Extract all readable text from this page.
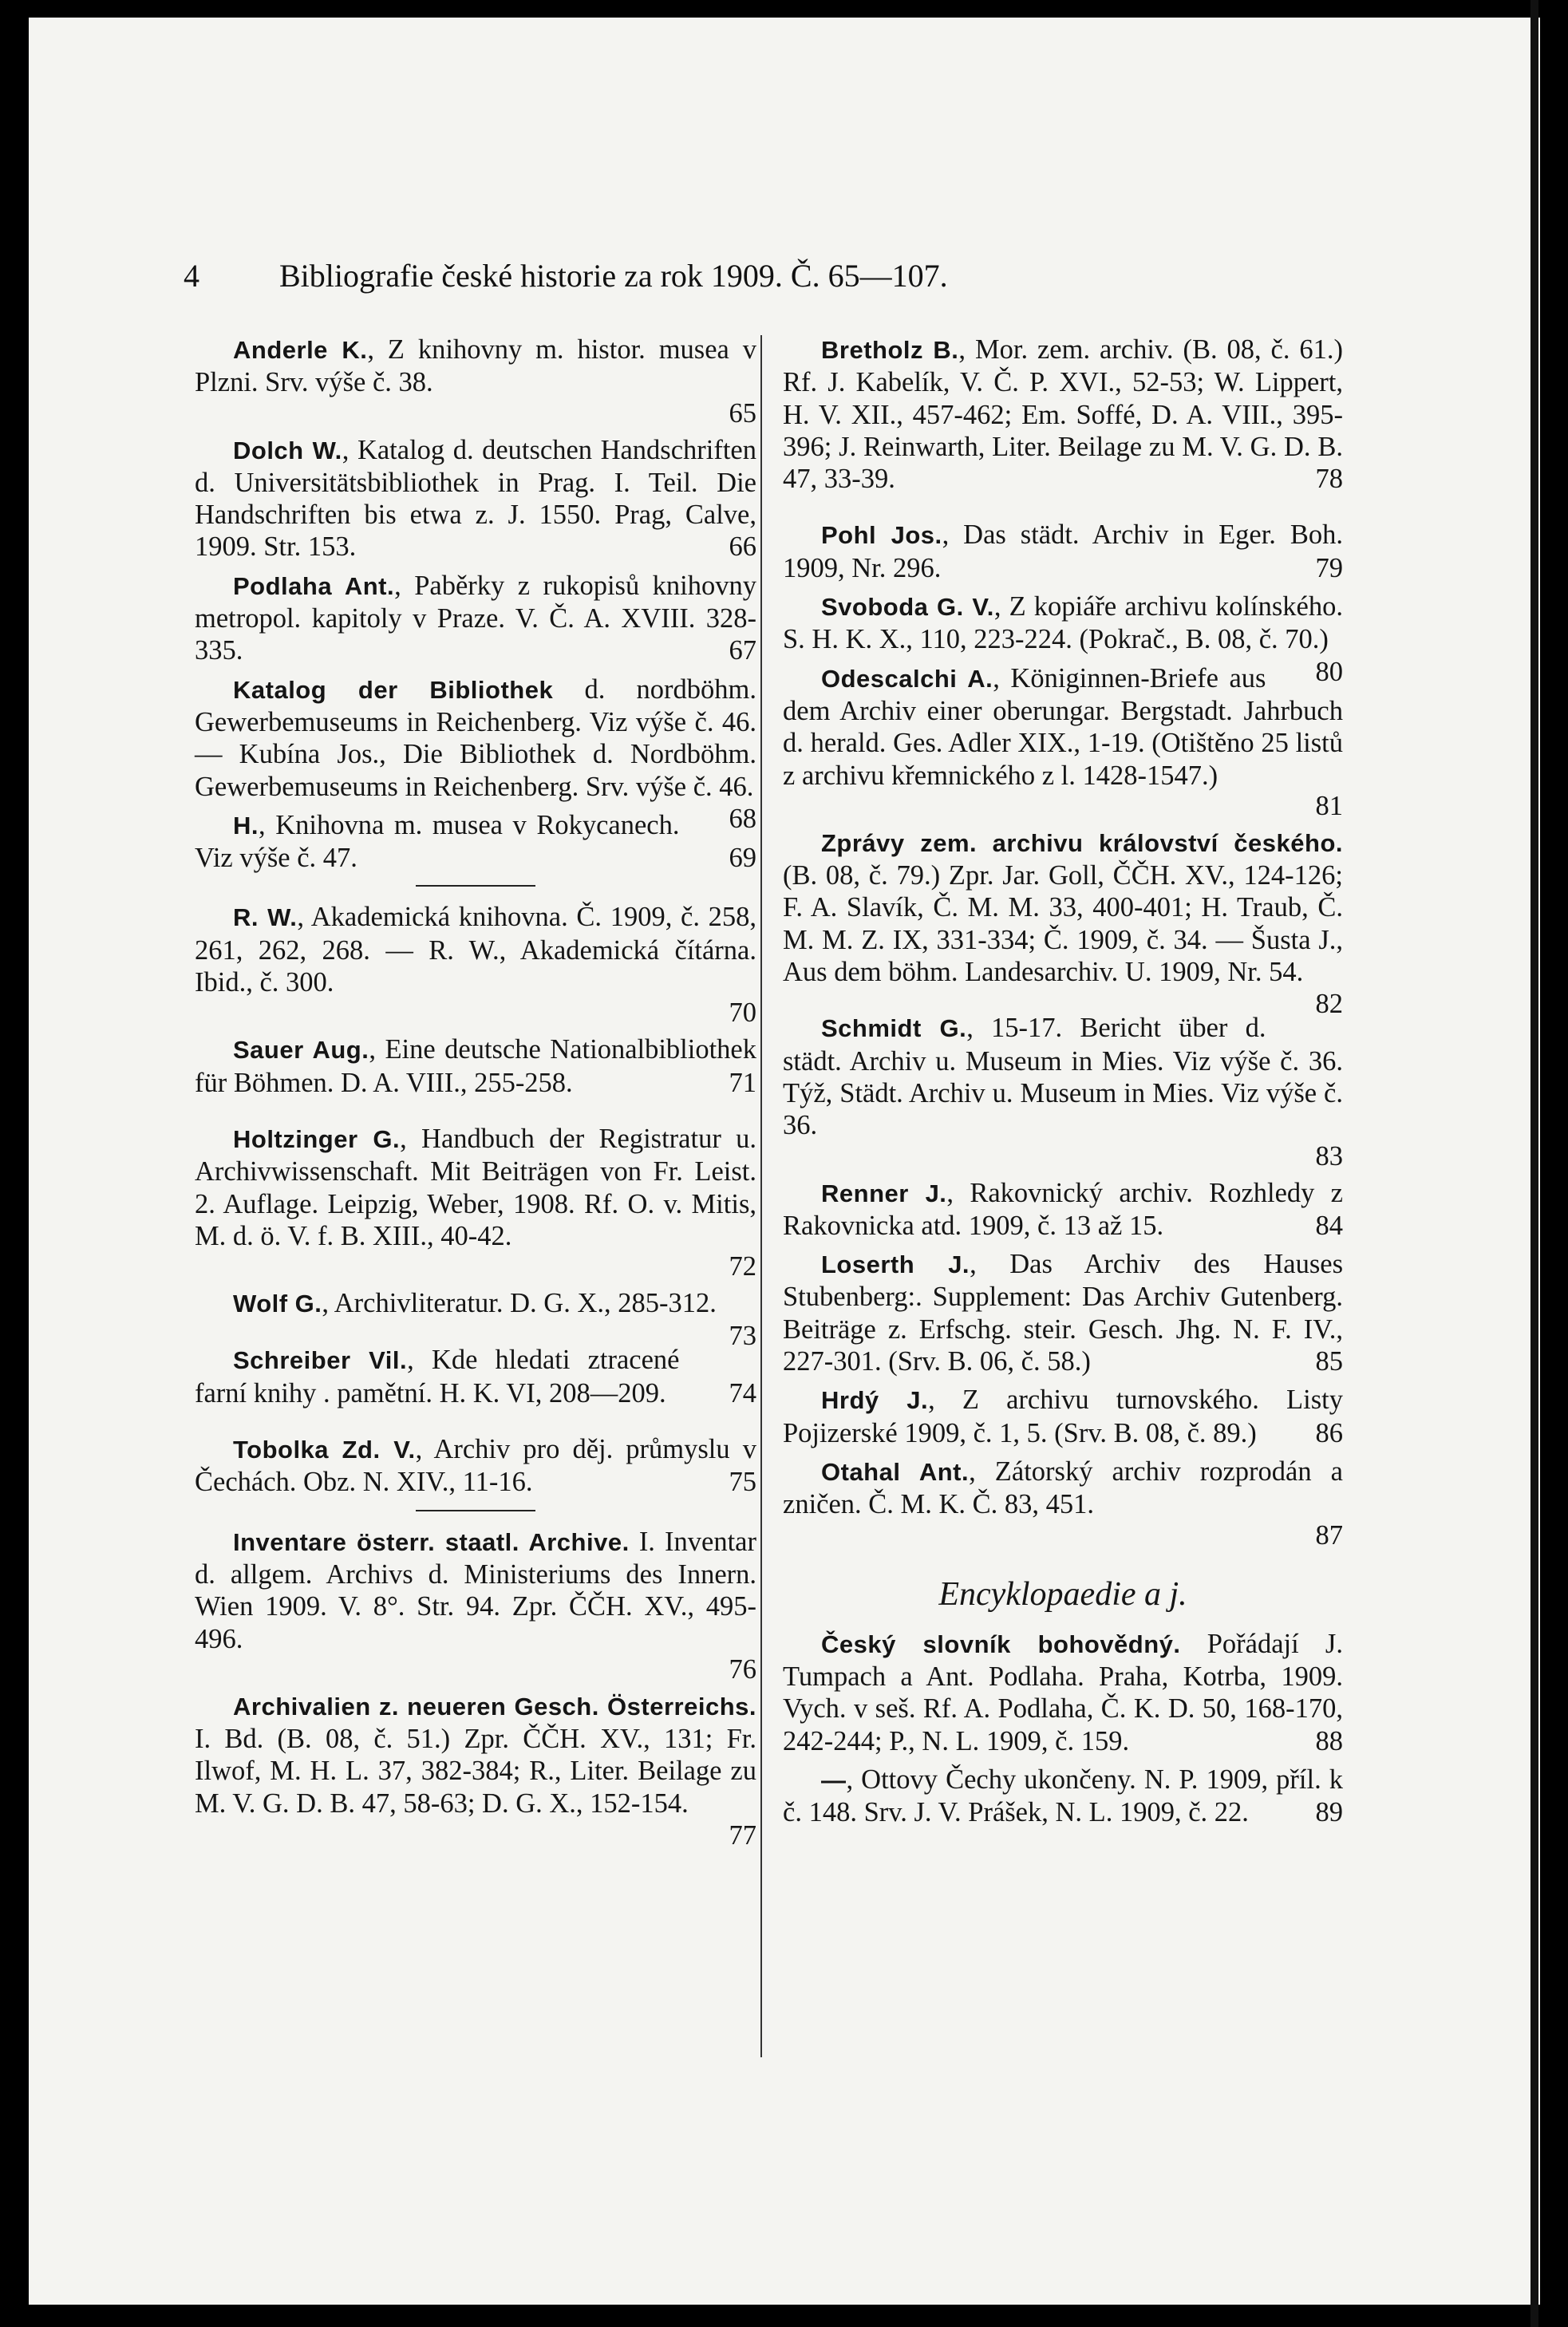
4	Bibliografie české historie za rok 1909. Č. 65—107.

Anderle K., Z knihovny m. histor. musea v Plzni. Srv. výše č. 38.
65

Dolch W., Katalog d. deutschen Handschriften d. Universitätsbibliothek in Prag. I. Teil. Die Handschriften bis etwa z. J. 1550. Prag, Calve, 1909. Str. 153.	66

Podlaha Ant., Paběrky z rukopisů knihovny metropol. kapitoly v Praze. V. Č. A. XVIII. 328-335.	67

Katalog der Bibliothek d. nordböhm. Gewerbemuseums in Reichenberg. Viz výše č. 46. — Kubína Jos., Die Bibliothek d. Nordböhm. Gewerbemuseums in Reichenberg. Srv. výše č. 46.
68

H., Knihovna m. musea v Rokycanech. Viz výše č. 47.	69

R. W., Akademická knihovna. Č. 1909, č. 258, 261, 262, 268. — R. W., Akademická čítárna. Ibid., č. 300.
70

Sauer Aug., Eine deutsche Nationalbibliothek für Böhmen. D. A. VIII., 255-258.	71

Holtzinger G., Handbuch der Registratur u. Archivwissenschaft. Mit Beiträgen von Fr. Leist. 2. Auflage. Leipzig, Weber, 1908. Rf. O. v. Mitis, M. d. ö. V. f. B. XIII., 40-42.
72

Wolf G., Archivliteratur. D. G. X., 285-312.
73

Schreiber Vil., Kde hledati ztracené farní knihy . pamětní. H. K. VI, 208—209.	74

Tobolka Zd. V., Archiv pro děj. průmyslu v Čechách. Obz. N. XIV., 11-16.	75

Inventare österr. staatl. Archive. I. Inventar d. allgem. Archivs d. Ministeriums des Innern. Wien 1909. V. 8°. Str. 94. Zpr. ČČH. XV., 495-496.
76

Archivalien z. neueren Gesch. Österreichs. I. Bd. (B. 08, č. 51.) Zpr. ČČH. XV., 131; Fr. Ilwof, M. H. L. 37, 382-384; R., Liter. Beilage zu M. V. G. D. B. 47, 58-63; D. G. X., 152-154.
77

Bretholz B., Mor. zem. archiv. (B. 08, č. 61.) Rf. J. Kabelík, V. Č. P. XVI., 52-53; W. Lippert, H. V. XII., 457-462; Em. Soffé, D. A. VIII., 395-396; J. Reinwarth, Liter. Beilage zu M. V. G. D. B. 47, 33-39.	78

Pohl Jos., Das städt. Archiv in Eger. Boh. 1909, Nr. 296.	79

Svoboda G. V., Z kopiáře archivu kolínského. S. H. K. X., 110, 223-224. (Pokrač., B. 08, č. 70.)
80

Odescalchi A., Königinnen-Briefe aus dem Archiv einer oberungar. Bergstadt. Jahrbuch d. herald. Ges. Adler XIX., 1-19. (Otištěno 25 listů z archivu křemnického z l. 1428-1547.)
81

Zprávy zem. archivu království českého. (B. 08, č. 79.) Zpr. Jar. Goll, ČČH. XV., 124-126; F. A. Slavík, Č. M. M. 33, 400-401; H. Traub, Č. M. M. Z. IX, 331-334; Č. 1909, č. 34. — Šusta J., Aus dem böhm. Landesarchiv. U. 1909, Nr. 54.
82

Schmidt G., 15-17. Bericht über d. städt. Archiv u. Museum in Mies. Viz výše č. 36. Týž, Städt. Archiv u. Museum in Mies. Viz výše č. 36.
83

Renner J., Rakovnický archiv. Rozhledy z Rakovnicka atd. 1909, č. 13 až 15.	84

Loserth J., Das Archiv des Hauses Stubenberg:. Supplement: Das Archiv Gutenberg. Beiträge z. Erfschg. steir. Gesch. Jhg. N. F. IV., 227-301. (Srv. B. 06, č. 58.)	85

Hrdý J., Z archivu turnovského. Listy Pojizerské 1909, č. 1, 5. (Srv. B. 08, č. 89.)	86

Otahal Ant., Zátorský archiv rozprodán a zničen. Č. M. K. Č. 83, 451.
87

Encyklopaedie a j.

Český slovník bohovědný. Pořádají J. Tumpach a Ant. Podlaha. Praha, Kotrba, 1909. Vych. v seš. Rf. A. Podlaha, Č. K. D. 50, 168-170, 242-244; P., N. L. 1909, č. 159.	88

—, Ottovy Čechy ukončeny. N. P. 1909, příl. k č. 148. Srv. J. V. Prášek, N. L. 1909, č. 22.	89
